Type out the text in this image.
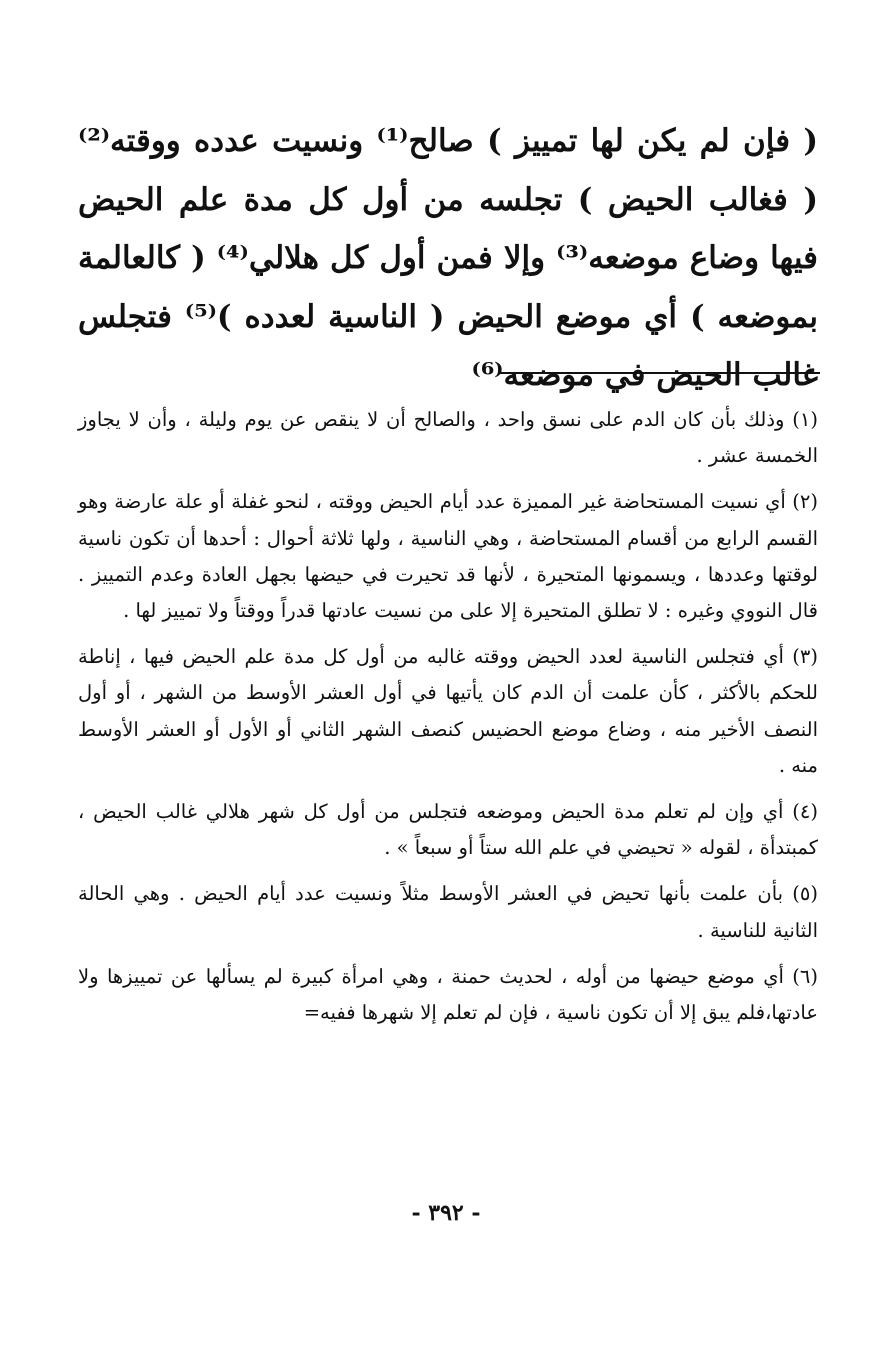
( فإن لم يكن لها تمييز ) صالح⁽¹⁾ ونسيت عدده ووقته⁽²⁾ ( فغالب الحيض ) تجلسه من أول كل مدة علم الحيض فيها وضاع موضعه⁽³⁾ وإلا فمن أول كل هلالي⁽⁴⁾ ( كالعالمة بموضعه ) أي موضع الحيض ( الناسية لعدده )⁽⁵⁾ فتجلس غالب الحيض في موضعه⁽⁶⁾

(١) وذلك بأن كان الدم على نسق واحد ، والصالح أن لا ينقص عن يوم وليلة ، وأن لا يجاوز الخمسة عشر .

(٢) أي نسيت المستحاضة غير المميزة عدد أيام الحيض ووقته ، لنحو غفلة أو علة عارضة وهو القسم الرابع من أقسام المستحاضة ، وهي الناسية ، ولها ثلاثة أحوال : أحدها أن تكون ناسية لوقتها وعددها ، ويسمونها المتحيرة ، لأنها قد تحيرت في حيضها بجهل العادة وعدم التمييز . قال النووي وغيره : لا تطلق المتحيرة إلا على من نسيت عادتها قدراً ووقتاً ولا تمييز لها .

(٣) أي فتجلس الناسية لعدد الحيض ووقته غالبه من أول كل مدة علم الحيض فيها ، إناطة للحكم بالأكثر ، كأن علمت أن الدم كان يأتيها في أول العشر الأوسط من الشهر ، أو أول النصف الأخير منه ، وضاع موضع الحضيس كنصف الشهر الثاني أو الأول أو العشر الأوسط منه .

(٤) أي وإن لم تعلم مدة الحيض وموضعه فتجلس من أول كل شهر هلالي غالب الحيض ، كمبتدأة ، لقوله « تحيضي في علم الله ستاً أو سبعاً » .

(٥) بأن علمت بأنها تحيض في العشر الأوسط مثلاً ونسيت عدد أيام الحيض . وهي الحالة الثانية للناسية .

(٦) أي موضع حيضها من أوله ، لحديث حمنة ، وهي امرأة كبيرة لم يسألها عن تمييزها ولا عادتها،فلم يبق إلا أن تكون ناسية ، فإن لم تعلم إلا شهرها ففيه=

- ٣٩٢ -
